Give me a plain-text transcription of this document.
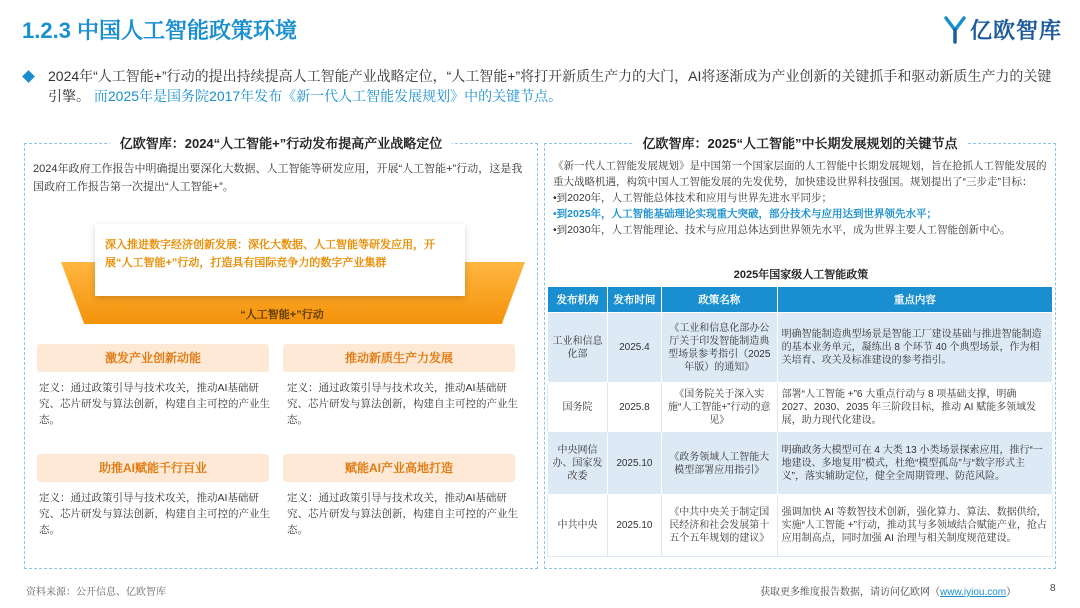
1.2.3 中国人工智能政策环境	亿欧智库
2024年“人工智能+”行动的提出持续提高人工智能产业战略定位，“人工智能+”将打开新质生产力的大门，AI将逐渐成为产业创新的关键抓手和驱动新质生产力的关键引擎。 而2025年是国务院2017年发布《新一代人工智能发展规划》中的关键节点。
亿欧智库：2024“人工智能+”行动发布提高产业战略定位
2024年政府工作报告中明确提出要深化大数据、人工智能等研发应用，开展“人工智能+”行动，这是我国政府工作报告第一次提出“人工智能+”。
深入推进数字经济创新发展：深化大数据、人工智能等研发应用，开展“人工智能+”行动，打造具有国际竞争力的数字产业集群
“人工智能+”行动
激发产业创新动能
定义：通过政策引导与技术攻关，推动AI基础研究、芯片研发与算法创新，构建自主可控的产业生态。
推动新质生产力发展
定义：通过政策引导与技术攻关，推动AI基础研究、芯片研发与算法创新，构建自主可控的产业生态。
助推AI赋能千行百业
定义：通过政策引导与技术攻关，推动AI基础研究、芯片研发与算法创新，构建自主可控的产业生态。
赋能AI产业高地打造
定义：通过政策引导与技术攻关，推动AI基础研究、芯片研发与算法创新，构建自主可控的产业生态。
亿欧智库：2025“人工智能”中长期发展规划的关键节点
《新一代人工智能发展规划》是中国第一个国家层面的人工智能中长期发展规划，旨在抢抓人工智能发展的重大战略机遇，构筑中国人工智能发展的先发优势，加快建设世界科技强国。规划提出了“三步走”目标：
•到2020年，人工智能总体技术和应用与世界先进水平同步；
•到2025年，人工智能基础理论实现重大突破，部分技术与应用达到世界领先水平；
•到2030年，人工智能理论、技术与应用总体达到世界领先水平，成为世界主要人工智能创新中心。
2025年国家级人工智能政策
发布机构	发布时间	政策名称	重点内容
工业和信息化部	2025.4	《工业和信息化部办公厅关于印发智能制造典型场景参考指引（2025年版）的通知》	明确智能制造典型场景是智能工厂建设基础与推进智能制造的基本业务单元，凝练出 8 个环节 40 个典型场景，作为相关培育、攻关及标准建设的参考指引。
国务院	2025.8	《国务院关于深入实施“人工智能+”行动的意见》	部署“人工智能 +”6 大重点行动与 8 项基础支撑，明确 2027、2030、2035 年三阶段目标，推动 AI 赋能多领域发展，助力现代化建设。
中央网信办、国家发改委	2025.10	《政务领域人工智能大模型部署应用指引》	明确政务大模型可在 4 大类 13 小类场景探索应用，推行“一地建设、多地复用”模式，杜绝“模型孤岛”与“数字形式主义”，落实辅助定位，健全全周期管理、防范风险。
中共中央	2025.10	《中共中央关于制定国民经济和社会发展第十五个五年规划的建议》	强调加快 AI 等数智技术创新，强化算力、算法、数据供给，实施“人工智能 +”行动，推动其与多领域结合赋能产业，抢占应用制高点，同时加强 AI 治理与相关制度规范建设。
资料来源：公开信息、亿欧智库	获取更多维度报告数据，请访问亿欧网（www.iyiou.com）	8
